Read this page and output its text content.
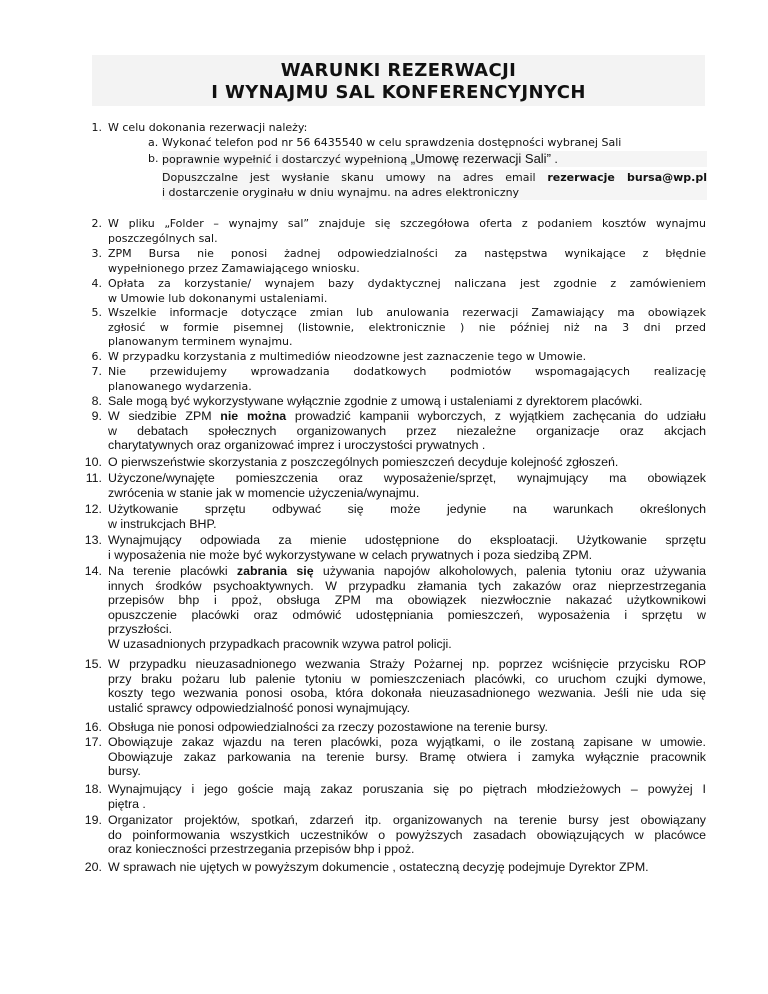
WARUNKI REZERWACJI
I WYNAJMU SAL KONFERENCYJNYCH
1. W celu dokonania rezerwacji należy:
a. Wykonać telefon pod nr 56 6435540 w celu sprawdzenia dostępności wybranej Sali
b. poprawnie wypełnić i dostarczyć wypełnioną „Umowę rezerwacji Sali” .
Dopuszczalne jest wysłanie skanu umowy na adres email rezerwacje bursa@wp.pl
i dostarczenie oryginału w dniu wynajmu. na adres elektroniczny
2. W pliku „Folder – wynajmy sal” znajduje się szczegółowa oferta z podaniem kosztów wynajmu
poszczególnych sal.
3. ZPM Bursa nie ponosi żadnej odpowiedzialności za następstwa wynikające z błędnie
wypełnionego przez Zamawiającego wniosku.
4. Opłata za korzystanie/ wynajem bazy dydaktycznej naliczana jest zgodnie z zamówieniem
w Umowie lub dokonanymi ustaleniami.
5. Wszelkie informacje dotyczące zmian lub anulowania rezerwacji Zamawiający ma obowiązek
zgłosić w formie pisemnej (listownie, elektronicznie ) nie później niż na 3 dni przed
planowanym terminem wynajmu.
6. W przypadku korzystania z multimediów nieodzowne jest zaznaczenie tego w Umowie.
7. Nie przewidujemy wprowadzania dodatkowych podmiotów wspomagających realizację
planowanego wydarzenia.
8. Sale mogą być wykorzystywane wyłącznie zgodnie z umową i ustaleniami z dyrektorem placówki.
9. W siedzibie ZPM nie można prowadzić kampanii wyborczych, z wyjątkiem zachęcania do udziału
w debatach społecznych organizowanych przez niezależne organizacje oraz akcjach
charytatywnych oraz organizować imprez i uroczystości prywatnych .
10. O pierwszeństwie skorzystania z poszczególnych pomieszczeń decyduje kolejność zgłoszeń.
11. Użyczone/wynajęte pomieszczenia oraz wyposażenie/sprzęt, wynajmujący ma obowiązek
zwrócenia w stanie jak w momencie użyczenia/wynajmu.
12. Użytkowanie sprzętu odbywać się może jedynie na warunkach określonych
w instrukcjach BHP.
13. Wynajmujący odpowiada za mienie udostępnione do eksploatacji. Użytkowanie sprzętu
i wyposażenia nie może być wykorzystywane w celach prywatnych i poza siedzibą ZPM.
14. Na terenie placówki zabrania się używania napojów alkoholowych, palenia tytoniu oraz używania
innych środków psychoaktywnych. W przypadku złamania tych zakazów oraz nieprzestrzegania
przepisów bhp i ppoż, obsługa ZPM ma obowiązek niezwłocznie nakazać użytkownikowi
opuszczenie placówki oraz odmówić udostępniania pomieszczeń, wyposażenia i sprzętu w
przyszłości.
W uzasadnionych przypadkach pracownik wzywa patrol policji.
15. W przypadku nieuzasadnionego wezwania Straży Pożarnej np. poprzez wciśnięcie przycisku ROP
przy braku pożaru lub palenie tytoniu w pomieszczeniach placówki, co uruchom czujki dymowe,
koszty tego wezwania ponosi osoba, która dokonała nieuzasadnionego wezwania. Jeśli nie uda się
ustalić sprawcy odpowiedzialność ponosi wynajmujący.
16. Obsługa nie ponosi odpowiedzialności za rzeczy pozostawione na terenie bursy.
17. Obowiązuje zakaz wjazdu na teren placówki, poza wyjątkami, o ile zostaną zapisane w umowie.
Obowiązuje zakaz parkowania na terenie bursy. Bramę otwiera i zamyka wyłącznie pracownik
bursy.
18. Wynajmujący i jego goście mają zakaz poruszania się po piętrach młodzieżowych – powyżej I
piętra .
19. Organizator projektów, spotkań, zdarzeń itp. organizowanych na terenie bursy jest obowiązany
do poinformowania wszystkich uczestników o powyższych zasadach obowiązujących w placówce
oraz konieczności przestrzegania przepisów bhp i ppoż.
20. W sprawach nie ujętych w powyższym dokumencie , ostateczną decyzję podejmuje Dyrektor ZPM.
